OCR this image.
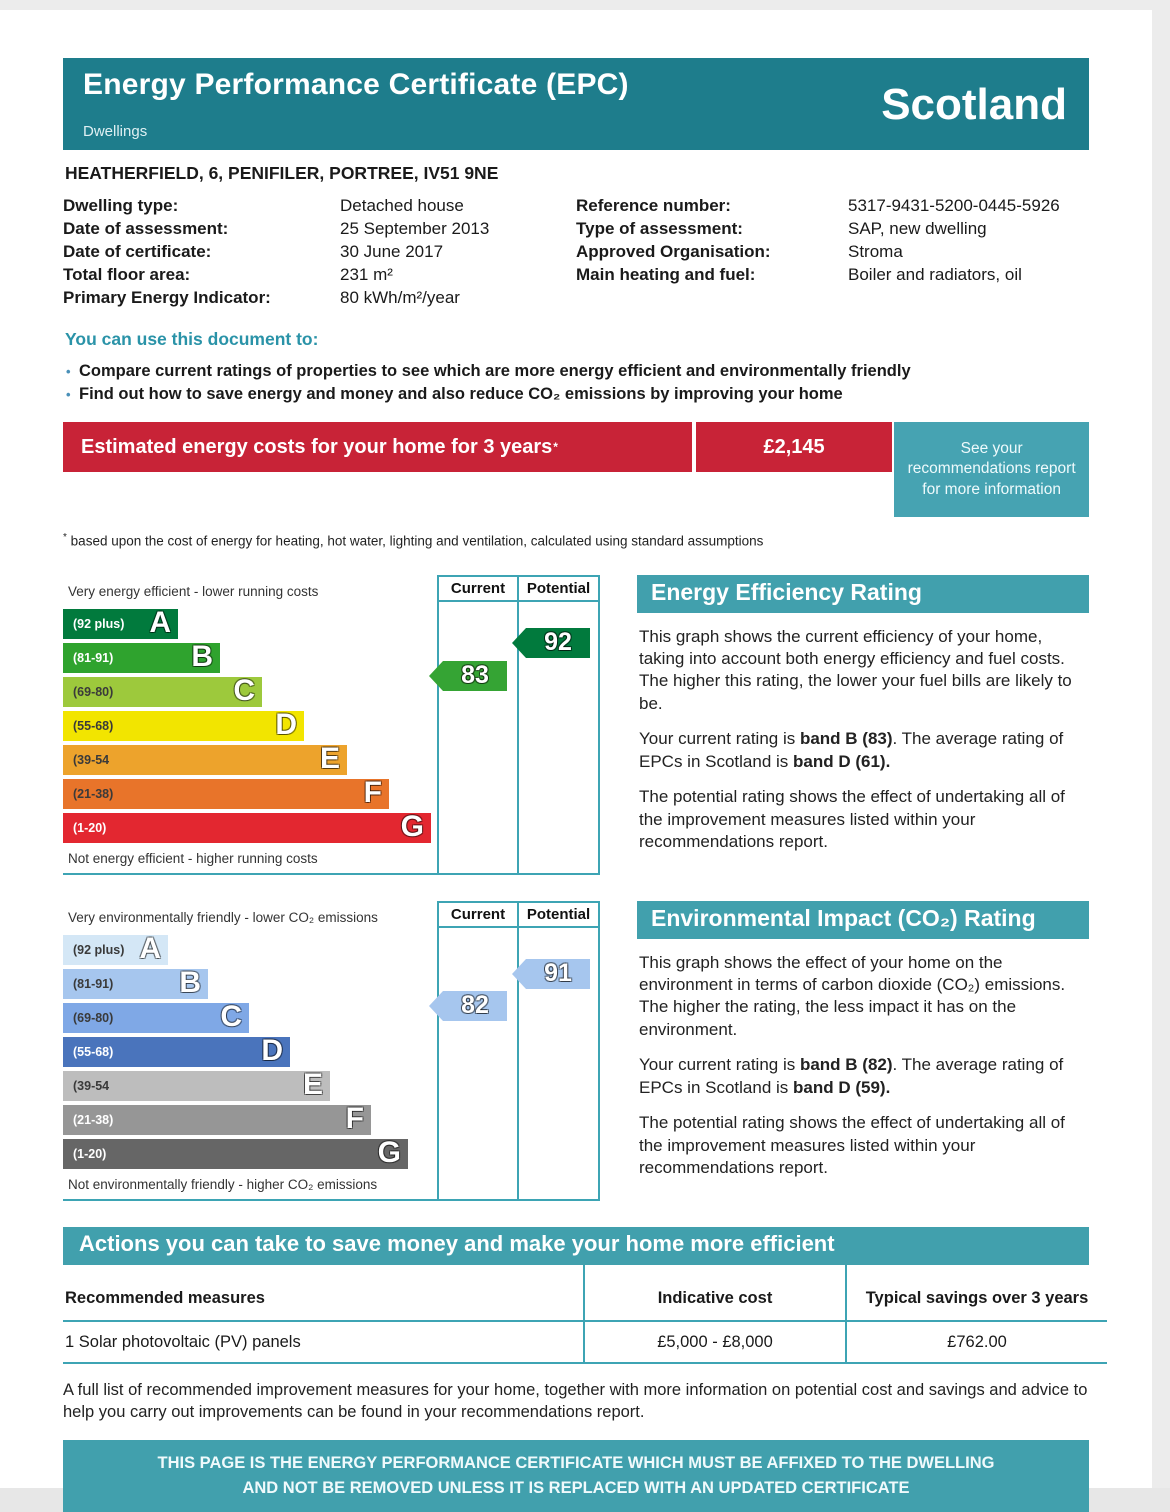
Energy Performance Certificate (EPC)
Dwellings
Scotland
HEATHERFIELD, 6, PENIFILER, PORTREE, IV51 9NE
Dwelling type:	Detached house
Date of assessment:	25 September 2013
Date of certificate:	30 June 2017
Total floor area:	231 m²
Primary Energy Indicator:	80 kWh/m²/year
Reference number:	5317-9431-5200-0445-5926
Type of assessment:	SAP, new dwelling
Approved Organisation:	Stroma
Main heating and fuel:	Boiler and radiators, oil
You can use this document to:
• Compare current ratings of properties to see which are more energy efficient and environmentally friendly
• Find out how to save energy and money and also reduce CO₂ emissions by improving your home
Estimated energy costs for your home for 3 years *	£2,145	See your recommendations report for more information
* based upon the cost of energy for heating, hot water, lighting and ventilation, calculated using standard assumptions
Very energy efficient - lower running costs
(92 plus) A
(81-91)	B
(69-80)	C
(55-68)	D
(39-54	E
(21-38)	F
(1-20)	G
Not energy efficient - higher running costs
Current	Potential
83
92
Energy Efficiency Rating

This graph shows the current efficiency of your home, taking into account both energy efficiency and fuel costs. The higher this rating, the lower your fuel bills are likely to be.

Your current rating is band B (83). The average rating of EPCs in Scotland is band D (61).

The potential rating shows the effect of undertaking all of the improvement measures listed within your recommendations report.

Very environmentally friendly - lower CO₂ emissions
(92 plus) A
(81-91) B
(69-80)	C
(55-68)	D
(39-54	E
(21-38)	F
(1-20)	G
Not environmentally friendly - higher CO₂ emissions
Current	Potential
82
91
Environmental Impact (CO₂) Rating

This graph shows the effect of your home on the environment in terms of carbon dioxide (CO₂) emissions. The higher the rating, the less impact it has on the environment.

Your current rating is band B (82). The average rating of EPCs in Scotland is band D (59).

The potential rating shows the effect of undertaking all of the improvement measures listed within your recommendations report.

Actions you can take to save money and make your home more efficient
Recommended measures	Indicative cost	Typical savings over 3 years
1 Solar photovoltaic (PV) panels	£5,000 - £8,000	£762.00
A full list of recommended improvement measures for your home, together with more information on potential cost and savings and advice to help you carry out improvements can be found in your recommendations report.
THIS PAGE IS THE ENERGY PERFORMANCE CERTIFICATE WHICH MUST BE AFFIXED TO THE DWELLING AND NOT BE REMOVED UNLESS IT IS REPLACED WITH AN UPDATED CERTIFICATE
